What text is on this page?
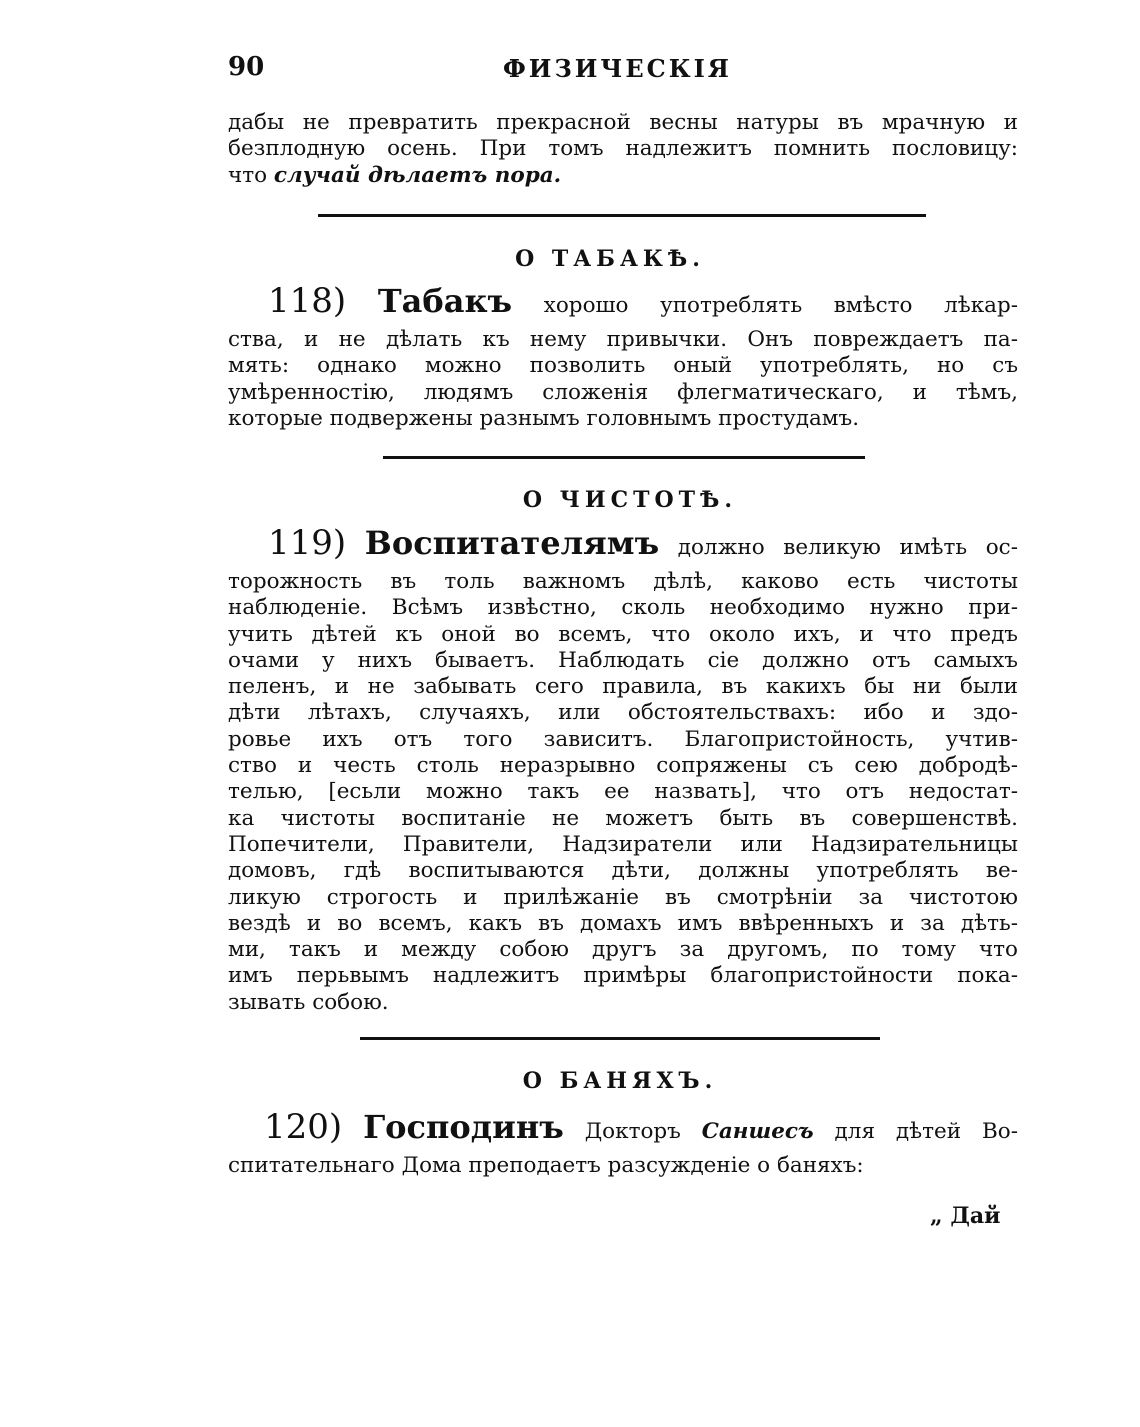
90	ФИЗИЧЕСКІЯ
дабы не превратить прекрасной весны натуры въ мрачную и
безплодную осень. При томъ надлежитъ помнить пословицу:
что случай дѣлаетъ пора.
О ТАБАКѢ.
118) Табакъ хорошо употреблять вмѣсто лѣкар-
ства, и не дѣлать къ нему привычки. Онъ повреждаетъ па-
мять: однако можно позволить оный употреблять, но съ
умѣренностію, людямъ сложенія флегматическаго, и тѣмъ,
которые подвержены разнымъ головнымъ простудамъ.
О ЧИСТОТѢ.
119) Воспитателямъ должно великую имѣть ос-
торожность въ толь важномъ дѣлѣ, каково есть чистоты
наблюденіе. Всѣмъ извѣстно, сколь необходимо нужно при-
учить дѣтей къ оной во всемъ, что около ихъ, и что предъ
очами у нихъ бываетъ. Наблюдать сіе должно отъ самыхъ
пеленъ, и не забывать сего правила, въ какихъ бы ни были
дѣти лѣтахъ, случаяхъ, или обстоятельствахъ: ибо и здо-
ровье ихъ отъ того зависитъ. Благопристойность, учтив-
ство и честь столь неразрывно сопряжены съ сею добродѣ-
телью, [есьли можно такъ ее назвать], что отъ недостат-
ка чистоты воспитаніе не можетъ быть въ совершенствѣ.
Попечители, Правители, Надзиратели или Надзирательницы
домовъ, гдѣ воспитываются дѣти, должны употреблять ве-
ликую строгость и прилѣжаніе въ смотрѣніи за чистотою
вездѣ и во всемъ, какъ въ домахъ имъ ввѣренныхъ и за дѣть-
ми, такъ и между собою другъ за другомъ, по тому что
имъ перьвымъ надлежитъ примѣры благопристойности пока-
зывать собою.
О БАНЯХЪ.
120) Господинъ Докторъ Саншесъ для дѣтей Во-
спитательнаго Дома преподаетъ разсужденіе о баняхъ:
„ Дай
